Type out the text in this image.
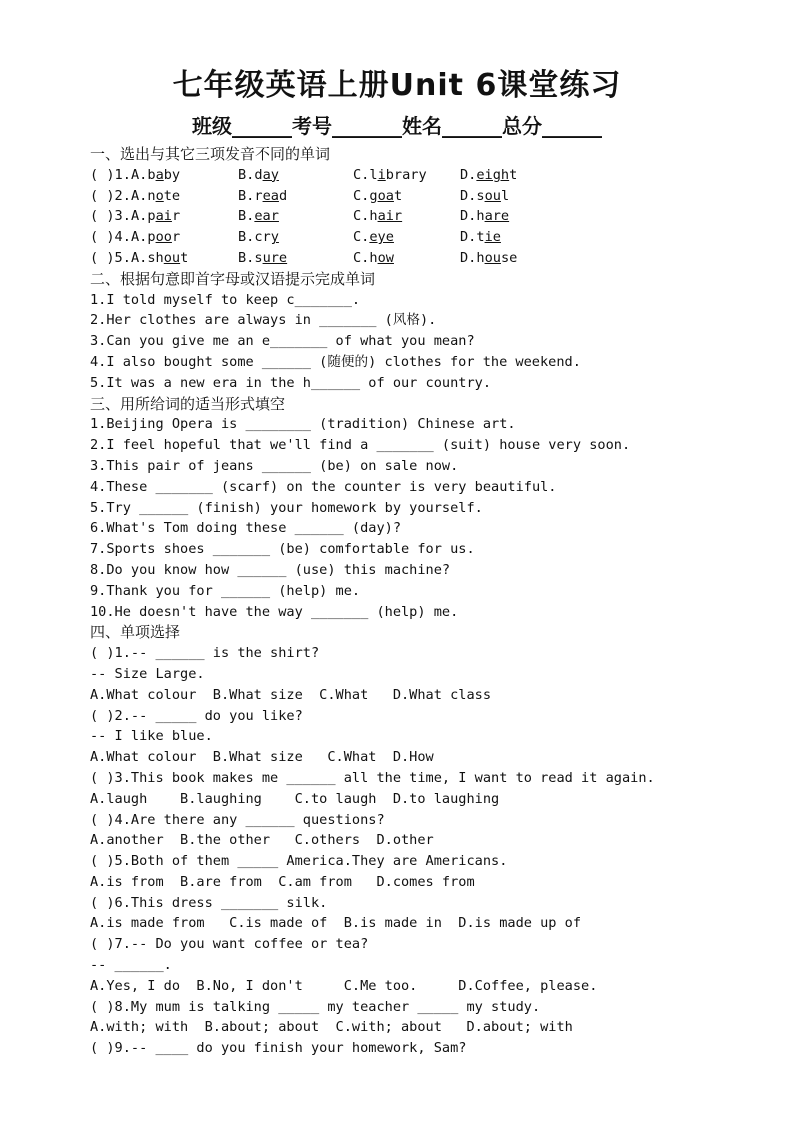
七年级英语上册Unit 6课堂练习
班级______考号_______姓名______总分______
一、选出与其它三项发音不同的单词
( )1. A.baby	B.day	C.library D.eight
( )2. A.note	B.read	C.goat	D.soul
( )3. A.pair	B.ear	C.hair	D.hare
( )4. A.poor	B.cry	C.eye	D.tie
( )5. A.shout	B.sure	C.how	D.house
二、根据句意即首字母或汉语提示完成单词
1.I told myself to keep c_______.
2.Her clothes are always in _______ (风格).
3.Can you give me an e_______ of what you mean?
4.I also bought some ______ (随便的) clothes for the weekend.
5.It was a new era in the h______ of our country.
三、用所给词的适当形式填空
1.Beijing Opera is ________ (tradition) Chinese art.
2.I feel hopeful that we'll find a _______ (suit) house very soon.
3.This pair of jeans ______ (be) on sale now.
4.These _______ (scarf) on the counter is very beautiful.
5.Try ______ (finish) your homework by yourself.
6.What's Tom doing these ______ (day)?
7.Sports shoes _______ (be) comfortable for us.
8.Do you know how ______ (use) this machine?
9.Thank you for ______ (help) me.
10.He doesn't have the way _______ (help) me.
四、单项选择
( )1.-- ______ is the shirt?
-- Size Large.
A.What colour  B.What size  C.What   D.What class
( )2.-- _____ do you like?
-- I like blue.
A.What colour  B.What size   C.What  D.How
( )3.This book makes me ______ all the time, I want to read it again.
A.laugh    B.laughing    C.to laugh  D.to laughing
( )4.Are there any ______ questions?
A.another  B.the other   C.others  D.other
( )5.Both of them _____ America.They are Americans.
A.is from  B.are from  C.am from   D.comes from
( )6.This dress _______ silk.
A.is made from   C.is made of  B.is made in  D.is made up of
( )7.-- Do you want coffee or tea?
-- ______.
A.Yes, I do  B.No, I don't     C.Me too.     D.Coffee, please.
( )8.My mum is talking _____ my teacher _____ my study.
A.with; with  B.about; about  C.with; about   D.about; with
( )9.-- ____ do you finish your homework, Sam?
